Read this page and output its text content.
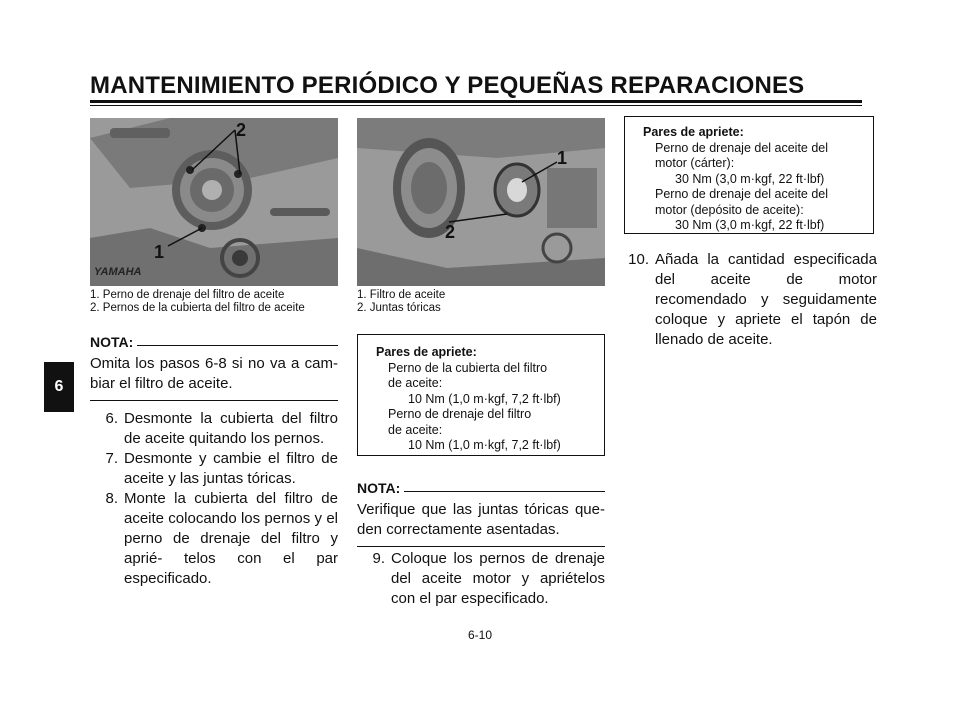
MANTENIMIENTO PERIÓDICO Y PEQUEÑAS REPARACIONES
6
2
1
YAMAHA
1. Perno de drenaje del filtro de aceite
2. Pernos de la cubierta del filtro de aceite
1
2
1. Filtro de aceite
2. Juntas tóricas
NOTA:
Omita los pasos 6-8 si no va a cam- biar el filtro de aceite.
6. Desmonte la cubierta del filtro de aceite quitando los pernos.
7. Desmonte y cambie el filtro de aceite y las juntas tóricas.
8. Monte la cubierta del filtro de aceite colocando los pernos y el perno de drenaje del filtro y aprié- telos con el par especificado.
Pares de apriete:
Perno de la cubierta del filtro
de aceite:
10 Nm (1,0 m·kgf, 7,2 ft·lbf)
Perno de drenaje del filtro
de aceite:
10 Nm (1,0 m·kgf, 7,2 ft·lbf)
NOTA:
Verifique que las juntas tóricas que- den correctamente asentadas.
9. Coloque los pernos de drenaje del aceite motor y apriételos con el par especificado.
Pares de apriete:
Perno de drenaje del aceite del
motor (cárter):
30 Nm (3,0 m·kgf, 22 ft·lbf)
Perno de drenaje del aceite del
motor (depósito de aceite):
30 Nm (3,0 m·kgf, 22 ft·lbf)
10. Añada la cantidad especificada del aceite de motor recomendado y seguidamente coloque y apriete el tapón de llenado de aceite.
6-10
